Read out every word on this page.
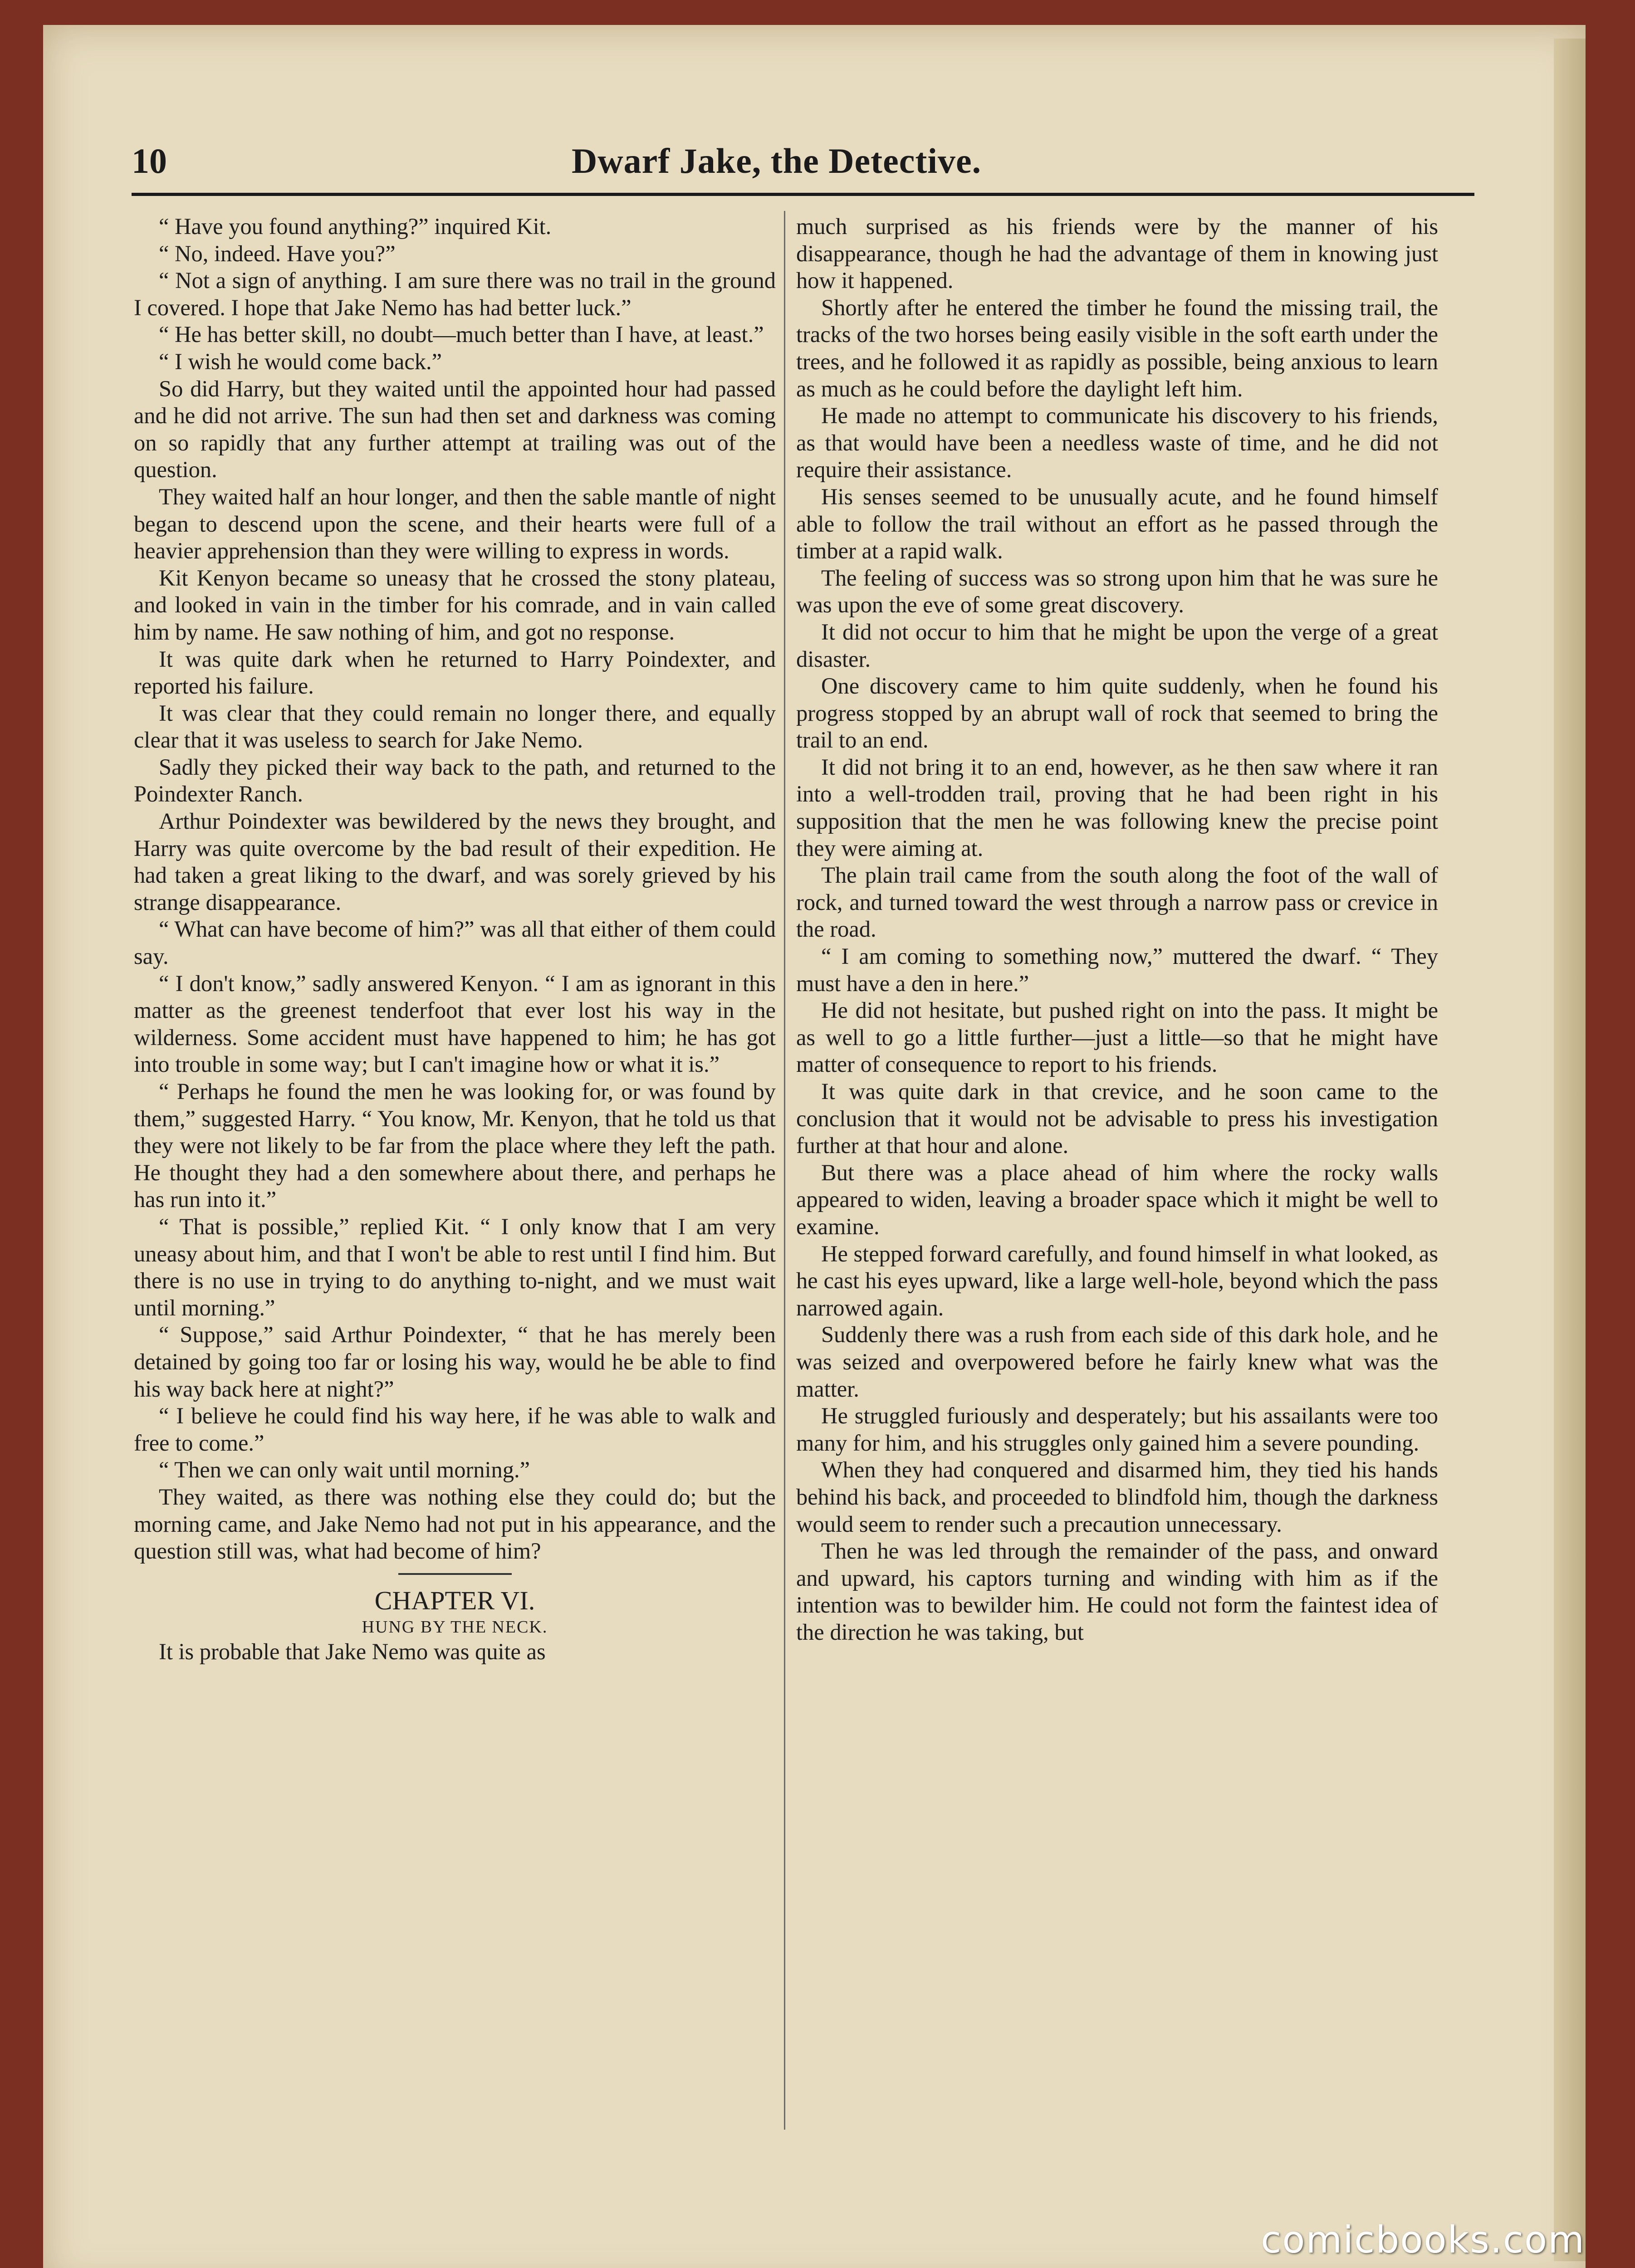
10	Dwarf Jake, the Detective.

“ Have you found anything?” inquired Kit.

“ No, indeed. Have you?”

“ Not a sign of anything. I am sure there was no trail in the ground I covered. I hope that Jake Nemo has had better luck.”

“ He has better skill, no doubt—much better than I have, at least.”

“ I wish he would come back.”

So did Harry, but they waited until the appointed hour had passed and he did not arrive. The sun had then set and darkness was coming on so rapidly that any further attempt at trailing was out of the question.

They waited half an hour longer, and then the sable mantle of night began to descend upon the scene, and their hearts were full of a heavier apprehension than they were willing to express in words.

Kit Kenyon became so uneasy that he crossed the stony plateau, and looked in vain in the timber for his comrade, and in vain called him by name. He saw nothing of him, and got no response.

It was quite dark when he returned to Harry Poindexter, and reported his failure.

It was clear that they could remain no longer there, and equally clear that it was useless to search for Jake Nemo.

Sadly they picked their way back to the path, and returned to the Poindexter Ranch.

Arthur Poindexter was bewildered by the news they brought, and Harry was quite overcome by the bad result of their expedition. He had taken a great liking to the dwarf, and was sorely grieved by his strange disappearance.

“ What can have become of him?” was all that either of them could say.

“ I don't know,” sadly answered Kenyon. “ I am as ignorant in this matter as the greenest tenderfoot that ever lost his way in the wilderness. Some accident must have happened to him; he has got into trouble in some way; but I can't imagine how or what it is.”

“ Perhaps he found the men he was looking for, or was found by them,” suggested Harry. “ You know, Mr. Kenyon, that he told us that they were not likely to be far from the place where they left the path. He thought they had a den somewhere about there, and perhaps he has run into it.”

“ That is possible,” replied Kit. “ I only know that I am very uneasy about him, and that I won't be able to rest until I find him. But there is no use in trying to do anything to-night, and we must wait until morning.”

“ Suppose,” said Arthur Poindexter, “ that he has merely been detained by going too far or losing his way, would he be able to find his way back here at night?”

“ I believe he could find his way here, if he was able to walk and free to come.”

“ Then we can only wait until morning.”

They waited, as there was nothing else they could do; but the morning came, and Jake Nemo had not put in his appearance, and the question still was, what had become of him?

CHAPTER VI.

HUNG BY THE NECK.

It is probable that Jake Nemo was quite as

much surprised as his friends were by the manner of his disappearance, though he had the advantage of them in knowing just how it happened.

Shortly after he entered the timber he found the missing trail, the tracks of the two horses being easily visible in the soft earth under the trees, and he followed it as rapidly as possible, being anxious to learn as much as he could before the daylight left him.

He made no attempt to communicate his discovery to his friends, as that would have been a needless waste of time, and he did not require their assistance.

His senses seemed to be unusually acute, and he found himself able to follow the trail without an effort as he passed through the timber at a rapid walk.

The feeling of success was so strong upon him that he was sure he was upon the eve of some great discovery.

It did not occur to him that he might be upon the verge of a great disaster.

One discovery came to him quite suddenly, when he found his progress stopped by an abrupt wall of rock that seemed to bring the trail to an end.

It did not bring it to an end, however, as he then saw where it ran into a well-trodden trail, proving that he had been right in his supposition that the men he was following knew the precise point they were aiming at.

The plain trail came from the south along the foot of the wall of rock, and turned toward the west through a narrow pass or crevice in the road.

“ I am coming to something now,” muttered the dwarf. “ They must have a den in here.”

He did not hesitate, but pushed right on into the pass. It might be as well to go a little further—just a little—so that he might have matter of consequence to report to his friends.

It was quite dark in that crevice, and he soon came to the conclusion that it would not be advisable to press his investigation further at that hour and alone.

But there was a place ahead of him where the rocky walls appeared to widen, leaving a broader space which it might be well to examine.

He stepped forward carefully, and found himself in what looked, as he cast his eyes upward, like a large well-hole, beyond which the pass narrowed again.

Suddenly there was a rush from each side of this dark hole, and he was seized and overpowered before he fairly knew what was the matter.

He struggled furiously and desperately; but his assailants were too many for him, and his struggles only gained him a severe pounding.

When they had conquered and disarmed him, they tied his hands behind his back, and proceeded to blindfold him, though the darkness would seem to render such a precaution unnecessary.

Then he was led through the remainder of the pass, and onward and upward, his captors turning and winding with him as if the intention was to bewilder him. He could not form the faintest idea of the direction he was taking, but

comicbooks.com
